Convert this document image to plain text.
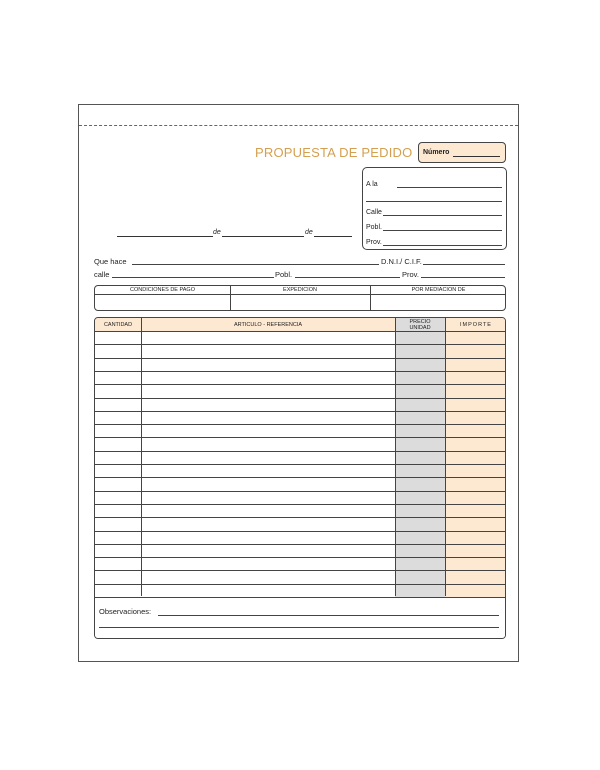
PROPUESTA DE PEDIDO Número
A la
Calle
Pobl.
Prov.
de	de
Que hace	D.N.I./ C.I.F.
calle	Pobl.	Prov.
CONDICIONES DE PAGO	EXPEDICION	POR MEDIACION DE
CANTIDAD	ARTICULO - REFERENCIA	PRECIO UNIDAD	IMPORTE
Observaciones:
